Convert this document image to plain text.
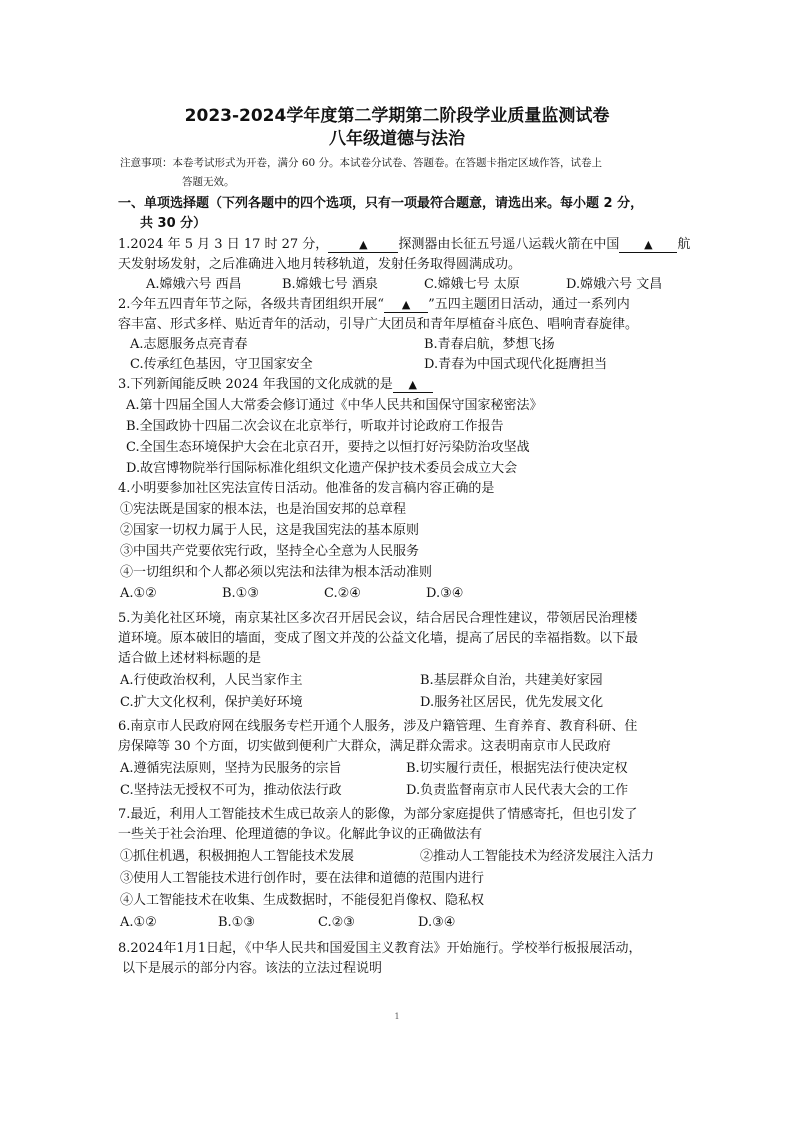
2023-2024学年度第二学期第二阶段学业质量监测试卷
八年级道德与法治
注意事项：本卷考试形式为开卷，满分 60 分。本试卷分试卷、答题卷。在答题卡指定区域作答，试卷上
答题无效。
一、单项选择题（下列各题中的四个选项，只有一项最符合题意，请选出来。每小题 2 分，
共 30 分）
1.2024 年 5 月 3 日 17 时 27 分，	▲ 探测器由长征五号遥八运载火箭在中国 ▲ 航
天发射场发射，之后准确进入地月转移轨道，发射任务取得圆满成功。
A.嫦娥六号 西昌	B.嫦娥七号 酒泉	C.嫦娥七号 太原	D.嫦娥六号 文昌
2.今年五四青年节之际，各级共青团组织开展“ ▲ ”五四主题团日活动，通过一系列内
容丰富、形式多样、贴近青年的活动，引导广大团员和青年厚植奋斗底色、唱响青春旋律。
A.志愿服务点亮青春	B.青春启航，梦想飞扬
C.传承红色基因，守卫国家安全	D.青春为中国式现代化挺膺担当
3.下列新闻能反映 2024 年我国的文化成就的是 ▲
A.第十四届全国人大常委会修订通过《中华人民共和国保守国家秘密法》
B.全国政协十四届二次会议在北京举行，听取并讨论政府工作报告
C.全国生态环境保护大会在北京召开，要持之以恒打好污染防治攻坚战
D.故宫博物院举行国际标准化组织文化遗产保护技术委员会成立大会
4.小明要参加社区宪法宣传日活动。他准备的发言稿内容正确的是
①宪法既是国家的根本法，也是治国安邦的总章程
②国家一切权力属于人民，这是我国宪法的基本原则
③中国共产党要依宪行政，坚持全心全意为人民服务
④一切组织和个人都必须以宪法和法律为根本活动准则
A.①②	B.①③	C.②④	D.③④
5.为美化社区环境，南京某社区多次召开居民会议，结合居民合理性建议，带领居民治理楼
道环境。原本破旧的墙面，变成了图文并茂的公益文化墙，提高了居民的幸福指数。以下最
适合做上述材料标题的是
A.行使政治权利，人民当家作主	B.基层群众自治，共建美好家园
C.扩大文化权利，保护美好环境	D.服务社区居民，优先发展文化
6.南京市人民政府网在线服务专栏开通个人服务，涉及户籍管理、生育养育、教育科研、住
房保障等 30 个方面，切实做到便利广大群众，满足群众需求。这表明南京市人民政府
A.遵循宪法原则，坚持为民服务的宗旨	B.切实履行责任，根据宪法行使决定权
C.坚持法无授权不可为，推动依法行政	D.负责监督南京市人民代表大会的工作
7.最近，利用人工智能技术生成已故亲人的影像，为部分家庭提供了情感寄托，但也引发了
一些关于社会治理、伦理道德的争议。化解此争议的正确做法有
①抓住机遇，积极拥抱人工智能技术发展	②推动人工智能技术为经济发展注入活力
③使用人工智能技术进行创作时，要在法律和道德的范围内进行
④人工智能技术在收集、生成数据时，不能侵犯肖像权、隐私权
A.①②	B.①③	C.②③	D.③④
8.2024年1月1日起，《中华人民共和国爱国主义教育法》开始施行。学校举行板报展活动，
以下是展示的部分内容。该法的立法过程说明
1
